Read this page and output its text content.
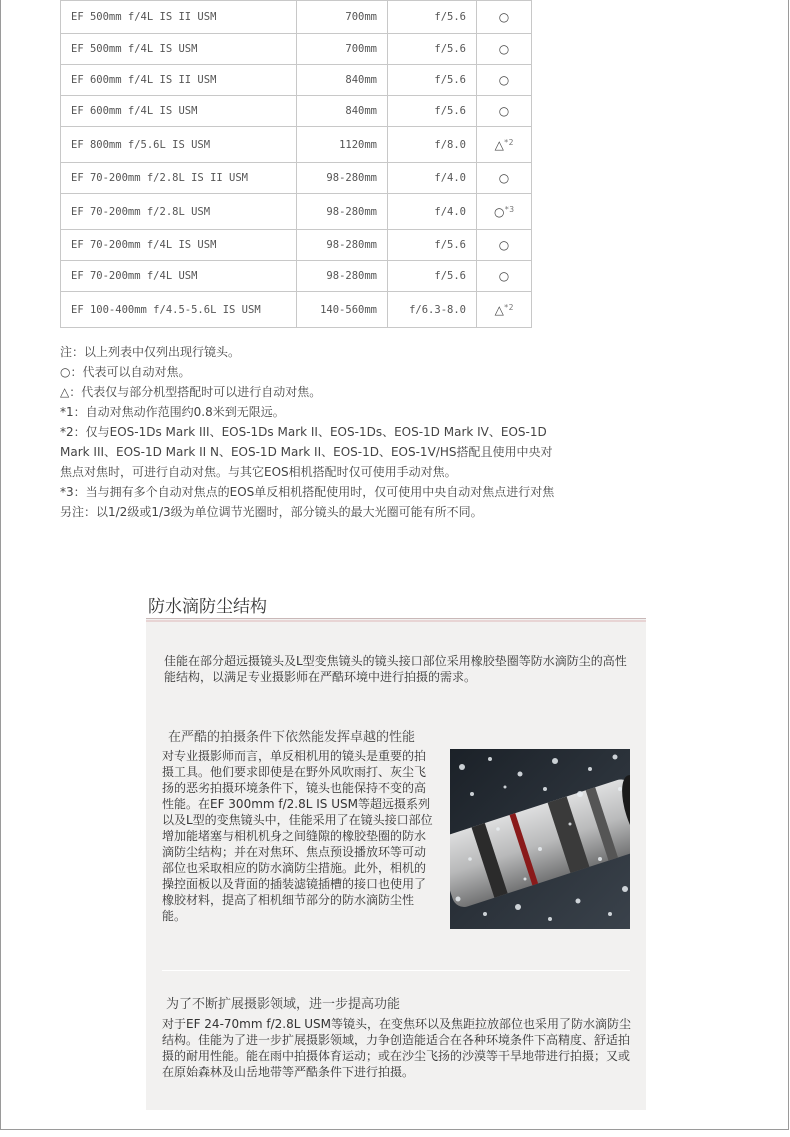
EF 500mm f/4L IS II USM	700mm	f/5.6	○
EF 500mm f/4L IS USM	700mm	f/5.6	○
EF 600mm f/4L IS II USM	840mm	f/5.6	○
EF 600mm f/4L IS USM	840mm	f/5.6	○
EF 800mm f/5.6L IS USM	1120mm	f/8.0	△$^{*2}$
EF 70-200mm f/2.8L IS II USM	98-280mm	f/4.0	○
EF 70-200mm f/2.8L USM	98-280mm	f/4.0	○$^{*3}$
EF 70-200mm f/4L IS USM	98-280mm	f/5.6	○
EF 70-200mm f/4L USM	98-280mm	f/5.6	○
EF 100-400mm f/4.5-5.6L IS USM	140-560mm	f/6.3-8.0	△$^{*2}$

注：以上列表中仅列出现行镜头。

○：代表可以自动对焦。

△：代表仅与部分机型搭配时可以进行自动对焦。

*1：自动对焦动作范围约0.8米到无限远。

*2：仅与EOS-1Ds Mark III、EOS-1Ds Mark II、EOS-1Ds、EOS-1D Mark IV、EOS-1D Mark III、EOS-1D Mark II N、EOS-1D Mark II、EOS-1D、EOS-1V/HS搭配且使用中央对焦点对焦时，可进行自动对焦。与其它EOS相机搭配时仅可使用手动对焦。

*3：当与拥有多个自动对焦点的EOS单反相机搭配使用时，仅可使用中央自动对焦点进行对焦

另注：以1/2级或1/3级为单位调节光圈时，部分镜头的最大光圈可能有所不同。

防水滴防尘结构

佳能在部分超远摄镜头及L型变焦镜头的镜头接口部位采用橡胶垫圈等防水滴防尘的高性能结构，以满足专业摄影师在严酷环境中进行拍摄的需求。

在严酷的拍摄条件下依然能发挥卓越的性能

对专业摄影师而言，单反相机用的镜头是重要的拍摄工具。他们要求即使是在野外风吹雨打、灰尘飞扬的恶劣拍摄环境条件下，镜头也能保持不变的高性能。在EF 300mm f/2.8L IS USM等超远摄系列以及L型的变焦镜头中，佳能采用了在镜头接口部位增加能堵塞与相机机身之间缝隙的橡胶垫圈的防水滴防尘结构；并在对焦环、焦点预设播放环等可动部位也采取相应的防水滴防尘措施。此外，相机的操控面板以及背面的插装滤镜插槽的接口也使用了橡胶材料，提高了相机细节部分的防水滴防尘性能。

为了不断扩展摄影领域，进一步提高功能

对于EF 24-70mm f/2.8L USM等镜头，在变焦环以及焦距拉放部位也采用了防水滴防尘结构。佳能为了进一步扩展摄影领域，力争创造能适合在各种环境条件下高精度、舒适拍摄的耐用性能。能在雨中拍摄体育运动；或在沙尘飞扬的沙漠等干旱地带进行拍摄；又或在原始森林及山岳地带等严酷条件下进行拍摄。
